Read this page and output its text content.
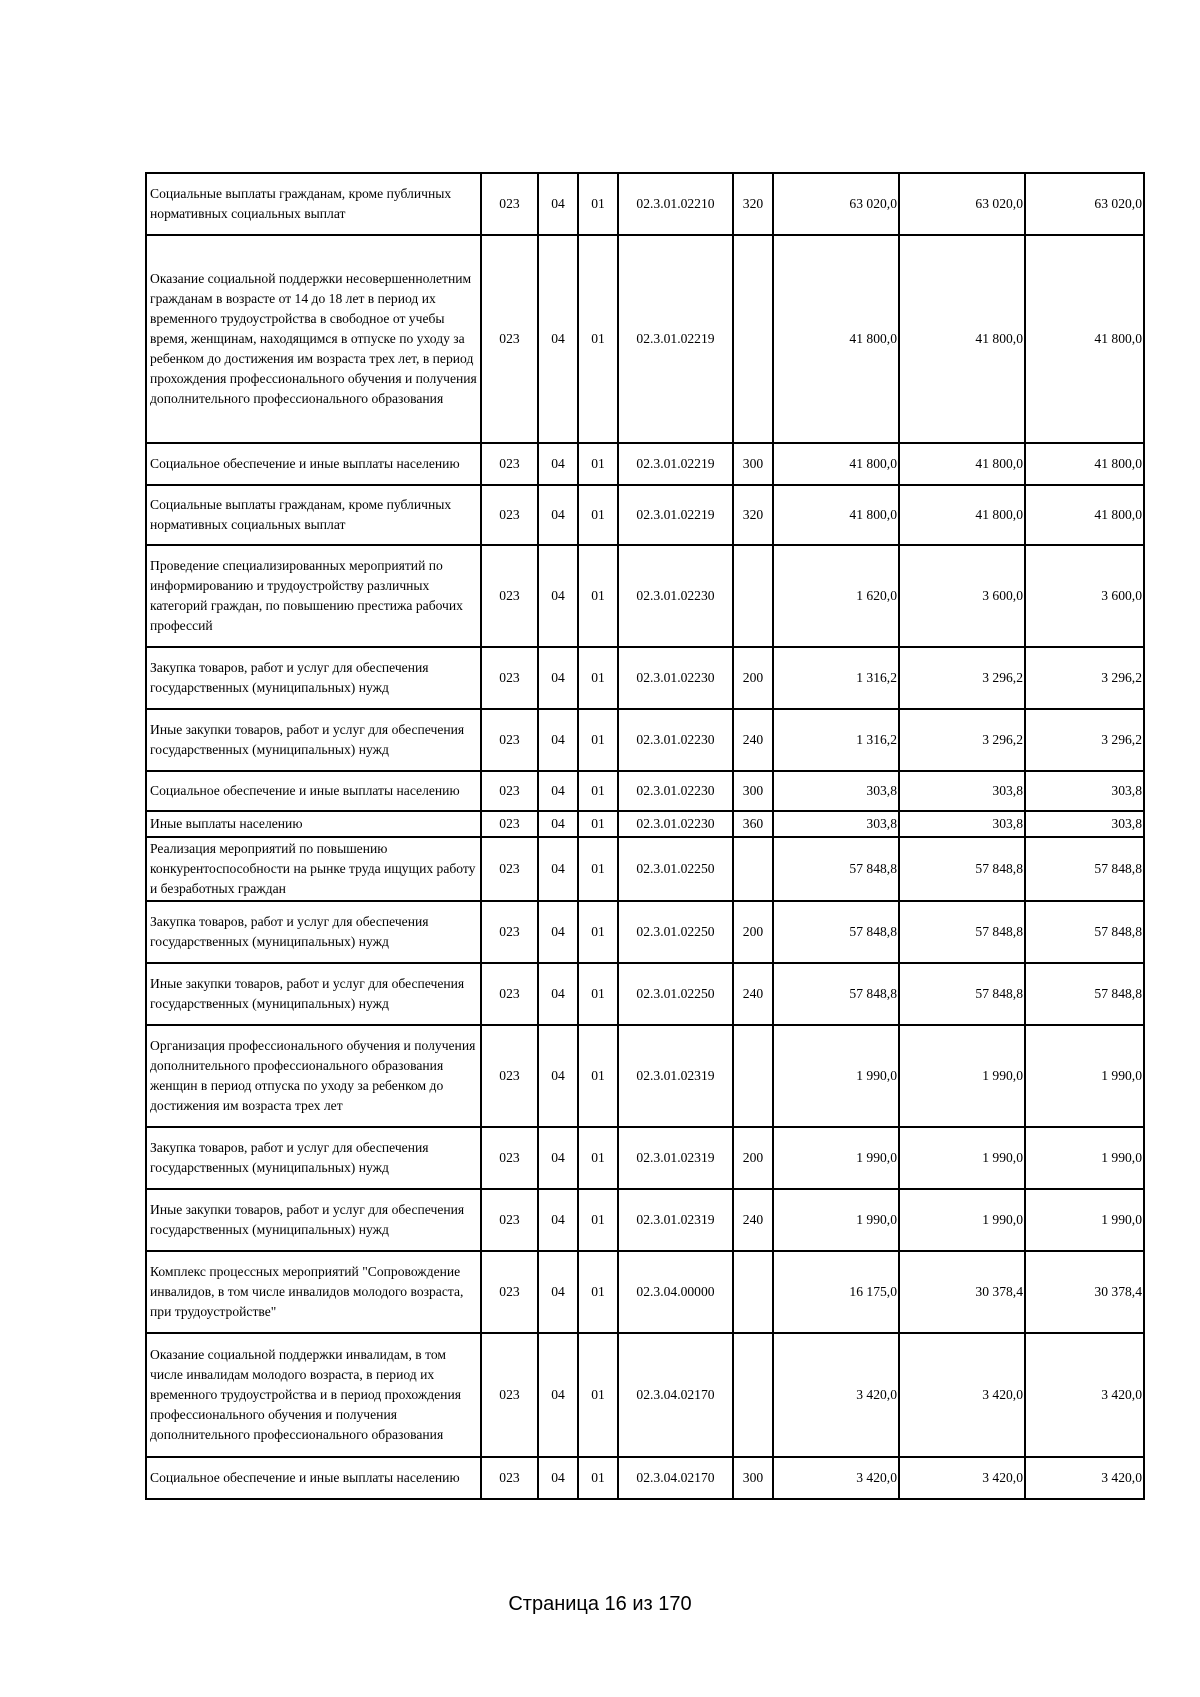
Социальные выплаты гражданам, кроме публичных нормативных социальных выплат	023	04	01	02.3.01.02210	320	63 020,0	63 020,0	63 020,0
Оказание социальной поддержки несовершеннолетним гражданам в возрасте от 14 до 18 лет в период их временного трудоустройства в свободное от учебы время, женщинам, находящимся в отпуске по уходу за ребенком до достижения им возраста трех лет, в период прохождения профессионального обучения и получения дополнительного профессионального образования	023	04	01	02.3.01.02219		41 800,0	41 800,0	41 800,0
Социальное обеспечение и иные выплаты населению	023	04	01	02.3.01.02219	300	41 800,0	41 800,0	41 800,0
Социальные выплаты гражданам, кроме публичных нормативных социальных выплат	023	04	01	02.3.01.02219	320	41 800,0	41 800,0	41 800,0
Проведение специализированных мероприятий по информированию и трудоустройству различных категорий граждан, по повышению престижа рабочих профессий	023	04	01	02.3.01.02230		1 620,0	3 600,0	3 600,0
Закупка товаров, работ и услуг для обеспечения государственных (муниципальных) нужд	023	04	01	02.3.01.02230	200	1 316,2	3 296,2	3 296,2
Иные закупки товаров, работ и услуг для обеспечения государственных (муниципальных) нужд	023	04	01	02.3.01.02230	240	1 316,2	3 296,2	3 296,2
Социальное обеспечение и иные выплаты населению	023	04	01	02.3.01.02230	300	303,8	303,8	303,8
Иные выплаты населению	023	04	01	02.3.01.02230	360	303,8	303,8	303,8
Реализация мероприятий по повышению конкурентоспособности на рынке труда ищущих работу и безработных граждан	023	04	01	02.3.01.02250		57 848,8	57 848,8	57 848,8
Закупка товаров, работ и услуг для обеспечения государственных (муниципальных) нужд	023	04	01	02.3.01.02250	200	57 848,8	57 848,8	57 848,8
Иные закупки товаров, работ и услуг для обеспечения государственных (муниципальных) нужд	023	04	01	02.3.01.02250	240	57 848,8	57 848,8	57 848,8
Организация профессионального обучения и получения дополнительного профессионального образования женщин в период отпуска по уходу за ребенком до достижения им возраста трех лет	023	04	01	02.3.01.02319		1 990,0	1 990,0	1 990,0
Закупка товаров, работ и услуг для обеспечения государственных (муниципальных) нужд	023	04	01	02.3.01.02319	200	1 990,0	1 990,0	1 990,0
Иные закупки товаров, работ и услуг для обеспечения государственных (муниципальных) нужд	023	04	01	02.3.01.02319	240	1 990,0	1 990,0	1 990,0
Комплекс процессных мероприятий "Сопровождение инвалидов, в том числе инвалидов молодого возраста, при трудоустройстве"	023	04	01	02.3.04.00000		16 175,0	30 378,4	30 378,4
Оказание социальной поддержки инвалидам, в том числе инвалидам молодого возраста, в период их временного трудоустройства и в период прохождения профессионального обучения и получения дополнительного профессионального образования	023	04	01	02.3.04.02170		3 420,0	3 420,0	3 420,0
Социальное обеспечение и иные выплаты населению	023	04	01	02.3.04.02170	300	3 420,0	3 420,0	3 420,0
Страница 16 из 170
